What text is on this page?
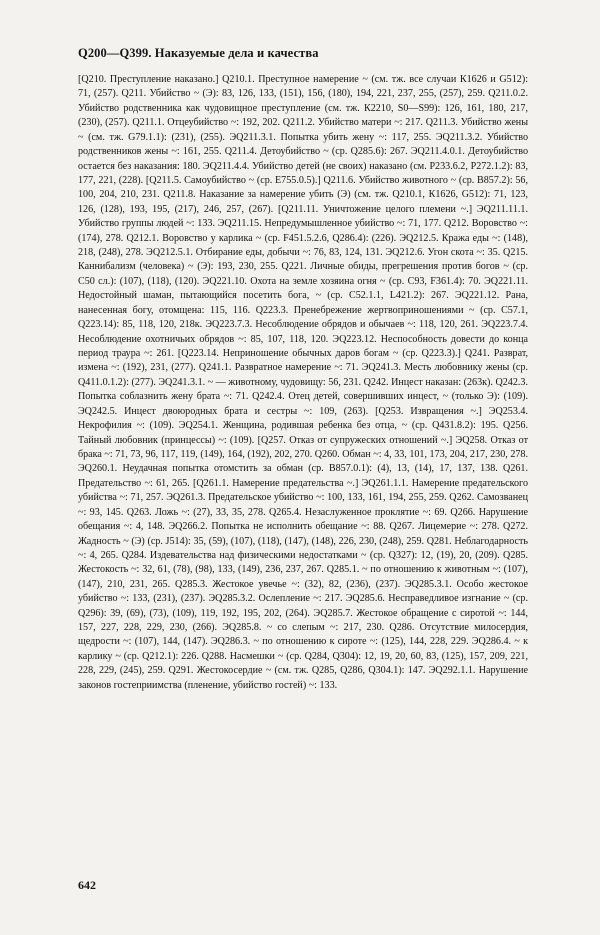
Q200—Q399. Наказуемые дела и качества

[Q210. Преступление наказано.] Q210.1. Преступное намерение ~ (см. тж. все случаи К1626 и G512): 71, (257). Q211. Убийство ~ (Э): 83, 126, 133, (151), 156, (180), 194, 221, 237, 255, (257), 259. Q211.0.2. Убийство родственника как чудовищное преступление (см. тж. К2210, S0—S99): 126, 161, 180, 217, (230), (257). Q211.1. Отцеубийство ~: 192, 202. Q211.2. Убийство матери ~: 217. Q211.3. Убийство жены ~ (см. тж. G79.1.1): (231), (255). ЭQ211.3.1. Попытка убить жену ~: 117, 255. ЭQ211.3.2. Убийство родственников жены ~: 161, 255. Q211.4. Детоубийство ~ (ср. Q285.6): 267. ЭQ211.4.0.1. Детоубийство остается без наказания: 180. ЭQ211.4.4. Убийство детей (не своих) наказано (см. Р233.6.2, Р272.1.2): 83, 177, 221, (228). [Q211.5. Самоубийство ~ (ср. Е755.0.5).] Q211.6. Убийство животного ~ (ср. В857.2): 56, 100, 204, 210, 231. Q211.8. Наказание за намерение убить (Э) (см. тж. Q210.1, К1626, G512): 71, 123, 126, (128), 193, 195, (217), 246, 257, (267). [Q211.11. Уничтожение целого племени ~.] ЭQ211.11.1. Убийство группы людей ~: 133. ЭQ211.15. Непредумышленное убийство ~: 71, 177. Q212. Воровство ~: (174), 278. Q212.1. Воровство у карлика ~ (ср. F451.5.2.6, Q286.4): (226). ЭQ212.5. Кража еды ~: (148), 218, (248), 278. ЭQ212.5.1. Отбирание еды, добычи ~: 76, 83, 124, 131. ЭQ212.6. Угон скота ~: 35. Q215. Каннибализм (человека) ~ (Э): 193, 230, 255. Q221. Личные обиды, прегрешения против богов ~ (ср. С50 сл.): (107), (118), (120). ЭQ221.10. Охота на земле хозяина огня ~ (ср. С93, F361.4): 70. ЭQ221.11. Недостойный шаман, пытающийся посетить бога, ~ (ср. С52.1.1, L421.2): 267. ЭQ221.12. Рана, нанесенная богу, отомщена: 115, 116. Q223.3. Пренебрежение жертвоприношениями ~ (ср. С57.1, Q223.14): 85, 118, 120, 218к. ЭQ223.7.3. Несоблюдение обрядов и обычаев ~: 118, 120, 261. ЭQ223.7.4. Несоблюдение охотничьих обрядов ~: 85, 107, 118, 120. ЭQ223.12. Неспособность довести до конца период траура ~: 261. [Q223.14. Непринoшение обычных даров богам ~ (ср. Q223.3).] Q241. Разврат, измена ~: (192), 231, (277). Q241.1. Развратное намерение ~: 71. ЭQ241.3. Месть любовнику жены (ср. Q411.0.1.2): (277). ЭQ241.3.1. ~ — животному, чудовищу: 56, 231. Q242. Инцест наказан: (263к). Q242.3. Попытка соблазнить жену брата ~: 71. Q242.4. Отец детей, совершивших инцест, ~ (только Э): (109). ЭQ242.5. Инцест двоюродных брата и сестры ~: 109, (263). [Q253. Извращения ~.] ЭQ253.4. Некрофилия ~: (109). ЭQ254.1. Женщина, родившая ребенка без отца, ~ (ср. Q431.8.2): 195. Q256. Тайный любовник (принцессы) ~: (109). [Q257. Отказ от супружеских отношений ~.] ЭQ258. Отказ от брака ~: 71, 73, 96, 117, 119, (149), 164, (192), 202, 270. Q260. Обман ~: 4, 33, 101, 173, 204, 217, 230, 278. ЭQ260.1. Неудачная попытка отомстить за обман (ср. В857.0.1): (4), 13, (14), 17, 137, 138. Q261. Предательство ~: 61, 265. [Q261.1. Намерение предательства ~.] ЭQ261.1.1. Намерение предательского убийства ~: 71, 257. ЭQ261.3. Предательское убийство ~: 100, 133, 161, 194, 255, 259. Q262. Самозванец ~: 93, 145. Q263. Ложь ~: (27), 33, 35, 278. Q265.4. Незаслуженное проклятие ~: 69. Q266. Нарушение обещания ~: 4, 148. ЭQ266.2. Попытка не исполнить обещание ~: 88. Q267. Лицемерие ~: 278. Q272. Жадность ~ (Э) (ср. J514): 35, (59), (107), (118), (147), (148), 226, 230, (248), 259. Q281. Неблагодарность ~: 4, 265. Q284. Издевательства над физическими недостатками ~ (ср. Q327): 12, (19), 20, (209). Q285. Жестокость ~: 32, 61, (78), (98), 133, (149), 236, 237, 267. Q285.1. ~ по отношению к животным ~: (107), (147), 210, 231, 265. Q285.3. Жестокое увечье ~: (32), 82, (236), (237). ЭQ285.3.1. Особо жестокое убийство ~: 133, (231), (237). ЭQ285.3.2. Ослепление ~: 217. ЭQ285.6. Несправедливое изгнание ~ (ср. Q296): 39, (69), (73), (109), 119, 192, 195, 202, (264). ЭQ285.7. Жестокое обращение с сиротой ~: 144, 157, 227, 228, 229, 230, (266). ЭQ285.8. ~ со слепым ~: 217, 230. Q286. Отсутствие милосердия, щедрости ~: (107), 144, (147). ЭQ286.3. ~ по отношению к сироте ~: (125), 144, 228, 229. ЭQ286.4. ~ к карлику ~ (ср. Q212.1): 226. Q288. Насмешки ~ (ср. Q284, Q304): 12, 19, 20, 60, 83, (125), 157, 209, 221, 228, 229, (245), 259. Q291. Жестокосердие ~ (см. тж. Q285, Q286, Q304.1): 147. ЭQ292.1.1. Нарушение законов гостеприимства (пленение, убийство гостей) ~: 133.

642
